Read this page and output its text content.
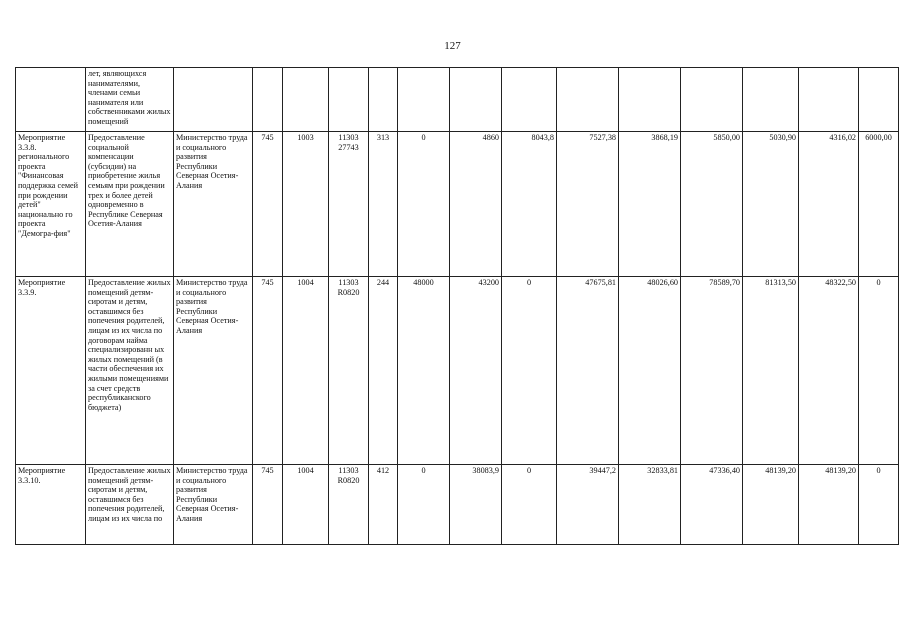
127
	лет, являющихся нанимателями, членами семьи нанимателя или собственниками жилых помещений														
Мероприятие 3.3.8. регионального проекта "Финансовая поддержка семей при рождении детей" национально го проекта "Демогра-фия"	Предоставление социальной компенсации (субсидии) на приобретение жилья семьям при рождении трех и более детей одновременно в Республике Северная Осетия-Алания	Министерство труда и социального развития Республики Северная Осетия-Алания	745	1003	11303 27743	313	0	4860	8043,8	7527,38	3868,19	5850,00	5030,90	4316,02	6000,00
Мероприятие 3.3.9.	Предоставление жилых помещений детям-сиротам и детям, оставшимся без попечения родителей, лицам из их числа по договорам найма специализированн ых жилых помещений (в части обеспечения их жилыми помещениями за счет средств республиканского бюджета)	Министерство труда и социального развития Республики Северная Осетия-Алания	745	1004	11303 R0820	244	48000	43200	0	47675,81	48026,60	78589,70	81313,50	48322,50	0
Мероприятие 3.3.10.	Предоставление жилых помещений детям-сиротам и детям, оставшимся без попечения родителей, лицам из их числа по	Министерство труда и социального развития Республики Северная Осетия-Алания	745	1004	11303 R0820	412	0	38083,9	0	39447,2	32833,81	47336,40	48139,20	48139,20	0
